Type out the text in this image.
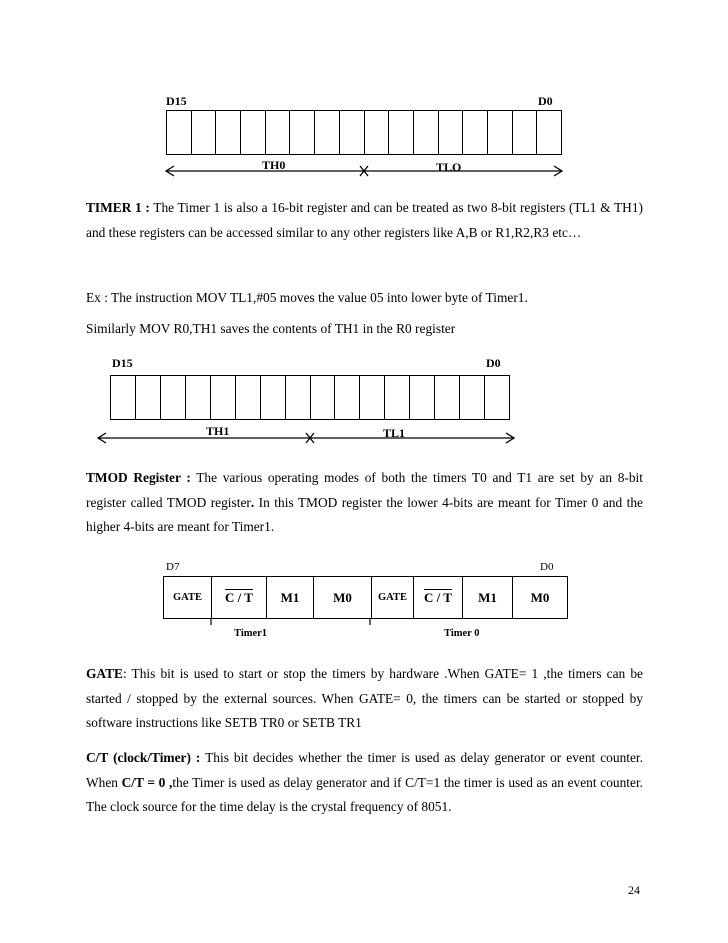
D15	D0
TH0	TLO

TIMER 1 : The Timer 1 is also a 16-bit register and can be treated as two 8-bit registers (TL1 & TH1) and these registers can be accessed similar to any other registers like A,B or R1,R2,R3 etc…

Ex : The instruction MOV TL1,#05 moves the value 05 into lower byte of Timer1.

Similarly MOV R0,TH1 saves the contents of TH1 in the R0 register

D15	D0
TH1	TL1

TMOD Register : The various operating modes of both the timers T0 and T1 are set by an 8-bit register called TMOD register. In this TMOD register the lower 4-bits are meant for Timer 0 and the higher 4-bits are meant for Timer1.

D7	D0
GATE	C / T	M1	M0	GATE	C / T	M1	M0
Timer1	Timer 0

GATE: This bit is used to start or stop the timers by hardware .When GATE= 1 ,the timers can be started / stopped by the external sources. When GATE= 0, the timers can be started or stopped by software instructions like SETB TR0 or SETB TR1

C/T (clock/Timer) : This bit decides whether the timer is used as delay generator or event counter. When C/T = 0 ,the Timer is used as delay generator and if C/T=1 the timer is used as an event counter. The clock source for the time delay is the crystal frequency of 8051.

24
